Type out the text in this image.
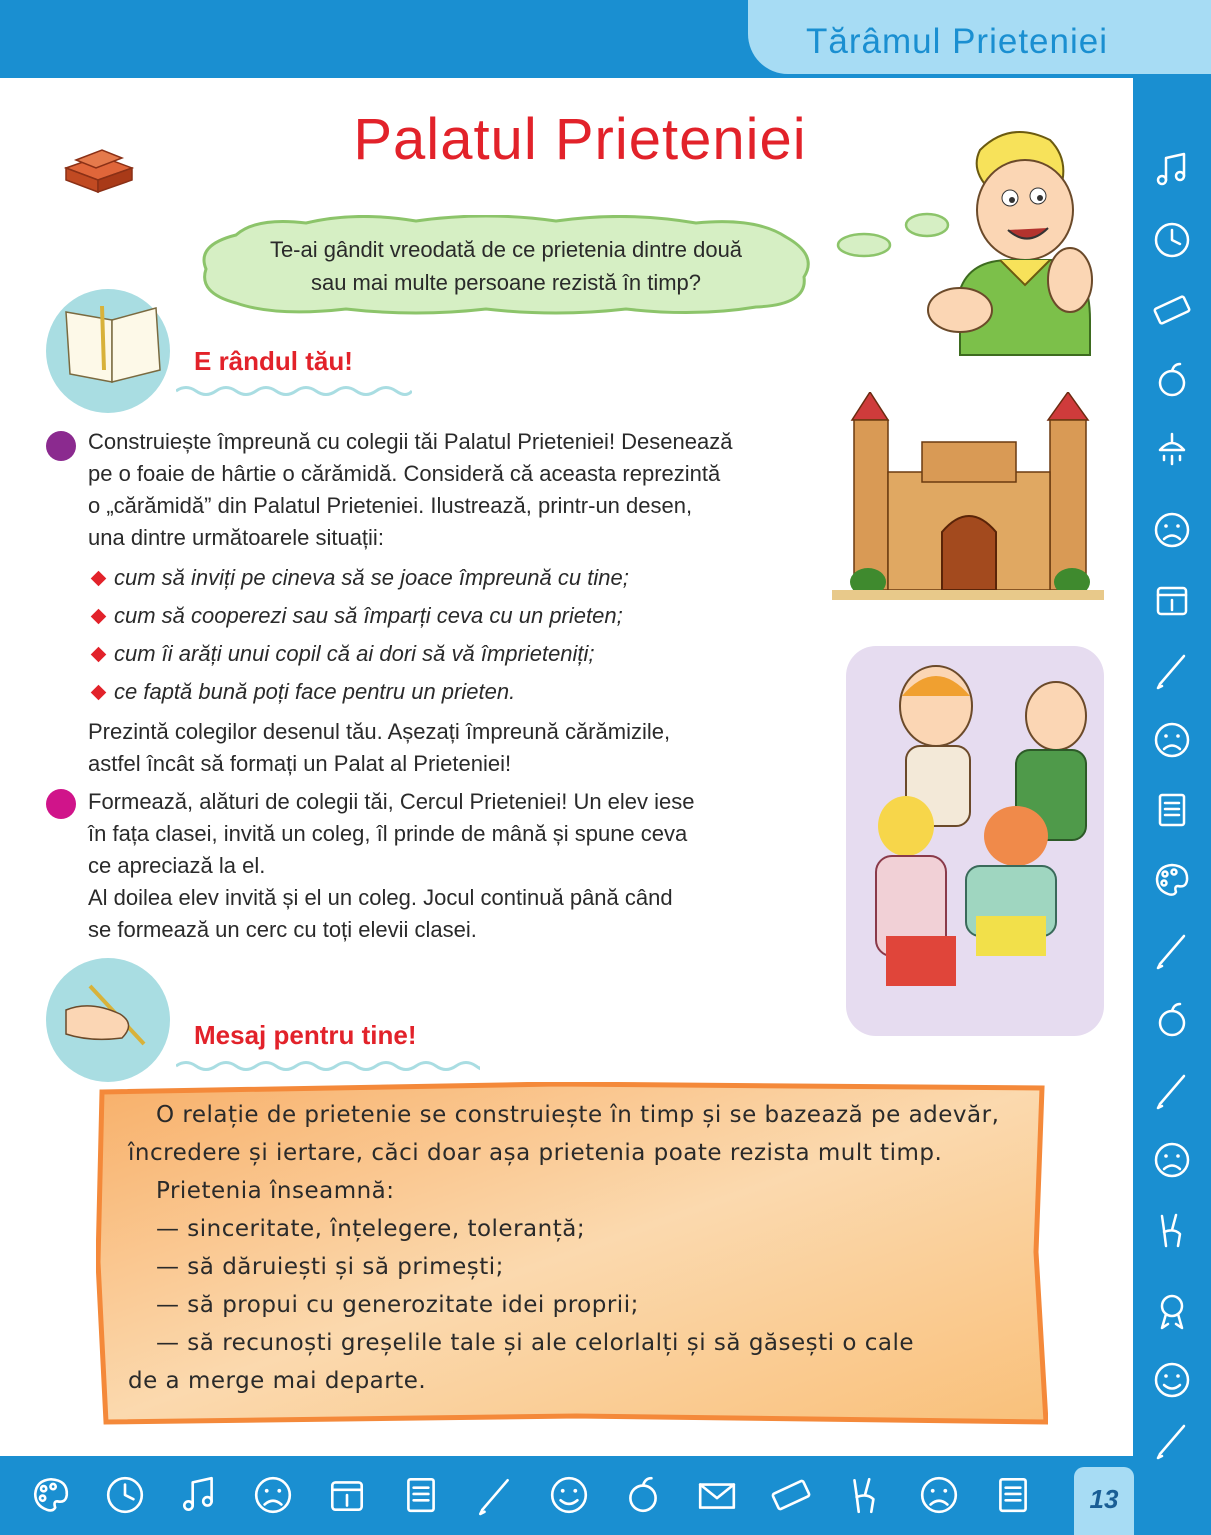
Tărâmul Prieteniei
13
Palatul Prieteniei
Te-ai gândit vreodată de ce prietenia dintre două
sau mai multe persoane rezistă în timp?
E rândul tău!
Construiește împreună cu colegii tăi Palatul Prieteniei! Desenează
pe o foaie de hârtie o cărămidă. Consideră că aceasta reprezintă
o „cărămidă” din Palatul Prieteniei. Ilustrează, printr-un desen,
una dintre următoarele situații:
cum să inviți pe cineva să se joace împreună cu tine;
cum să cooperezi sau să împarți ceva cu un prieten;
cum îi arăți unui copil că ai dori să vă împrieteniți;
ce faptă bună poți face pentru un prieten.
Prezintă colegilor desenul tău. Așezați împreună cărămizile,
astfel încât să formați un Palat al Prieteniei!
Formează, alături de colegii tăi, Cercul Prieteniei! Un elev iese
în fața clasei, invită un coleg, îl prinde de mână și spune ceva
ce apreciază la el.
Al doilea elev invită și el un coleg. Jocul continuă până când
se formează un cerc cu toți elevii clasei.
Mesaj pentru tine!
O relație de prietenie se construiește în timp și se bazează pe adevăr,
încredere și iertare, căci doar așa prietenia poate rezista mult timp.
Prietenia înseamnă:
— sinceritate, înțelegere, toleranță;
— să dăruiești și să primești;
— să propui cu generozitate idei proprii;
— să recunoști greșelile tale și ale celorlalți și să găsești o cale
de a merge mai departe.
